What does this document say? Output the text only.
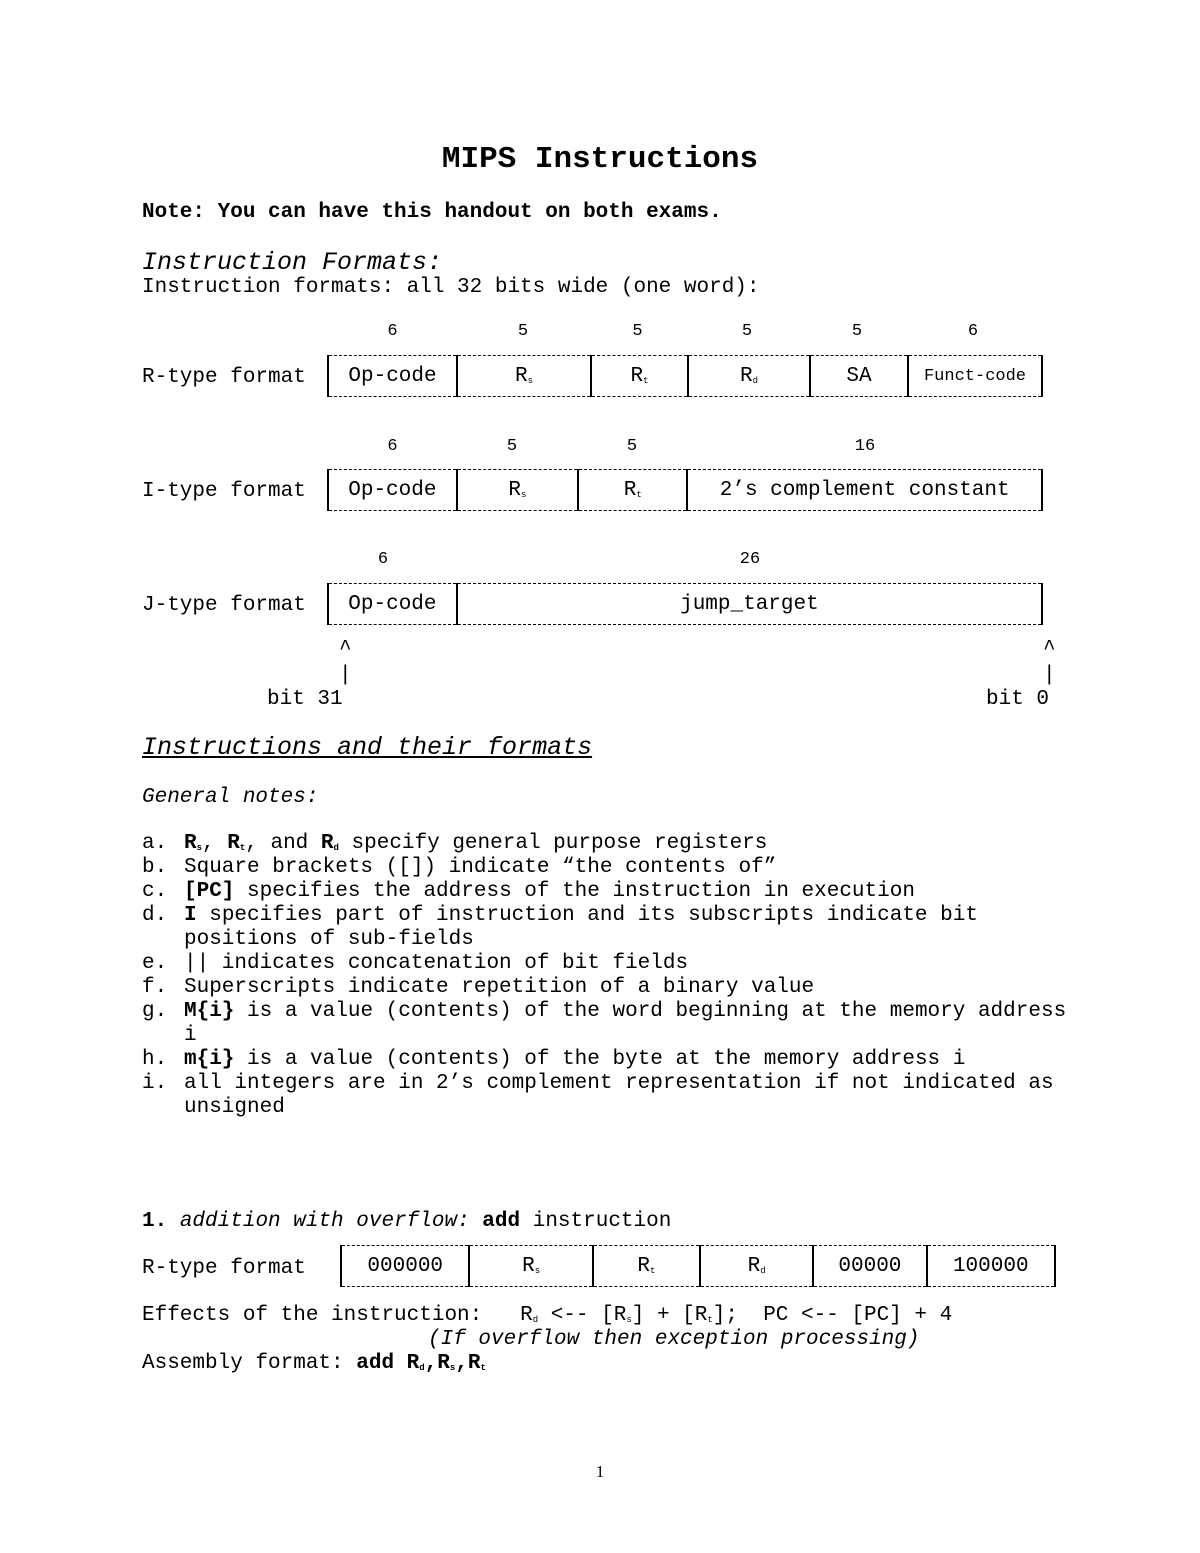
MIPS Instructions
Note: You can have this handout on both exams.
Instruction Formats:
Instruction formats: all 32 bits wide (one word):
6	5	5	5	5	6
R-type format Op-code	$R_s$	$R_t$	$R_d$	SA	Funct-code
6	5	5	16
I-type format Op-code	$R_s$	$R_t$	2’s complement constant
6	26
J-type format Op-code	jump_target
^
|
bit 31
^
|
bit 0
Instructions and their formats
General notes:
a. $R_s$, $R_t$, and $R_d$ specify general purpose registers
b. Square brackets ([]) indicate “the contents of”
c. [PC] specifies the address of the instruction in execution
d. I specifies part of instruction and its subscripts indicate bit positions of sub-fields
e. || indicates concatenation of bit fields
f. Superscripts indicate repetition of a binary value
g. M{i} is a value (contents) of the word beginning at the memory address i
h. m{i} is a value (contents) of the byte at the memory address i
i. all integers are in 2’s complement representation if not indicated as unsigned
1. addition with overflow: add instruction
R-type format	000000	$R_s$	$R_t$	$R_d$	00000	100000
Effects of the instruction: $R_d$ <-- $[R_s] + [R_t]$; PC <-- [PC] + 4
(If overflow then exception processing)
Assembly format: add $R_d,R_s,R_t$
1
